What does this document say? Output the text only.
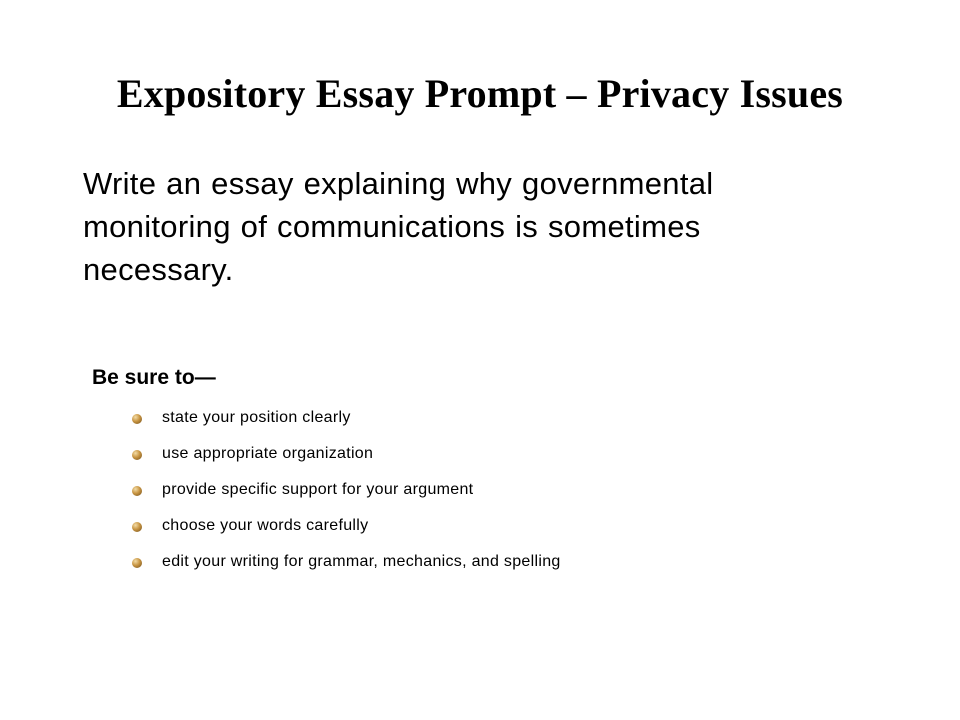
Expository Essay Prompt – Privacy Issues

Write an essay explaining why governmental monitoring of communications is sometimes necessary.

Be sure to—

state your position clearly
use appropriate organization
provide specific support for your argument
choose your words carefully
edit your writing for grammar, mechanics, and spelling
